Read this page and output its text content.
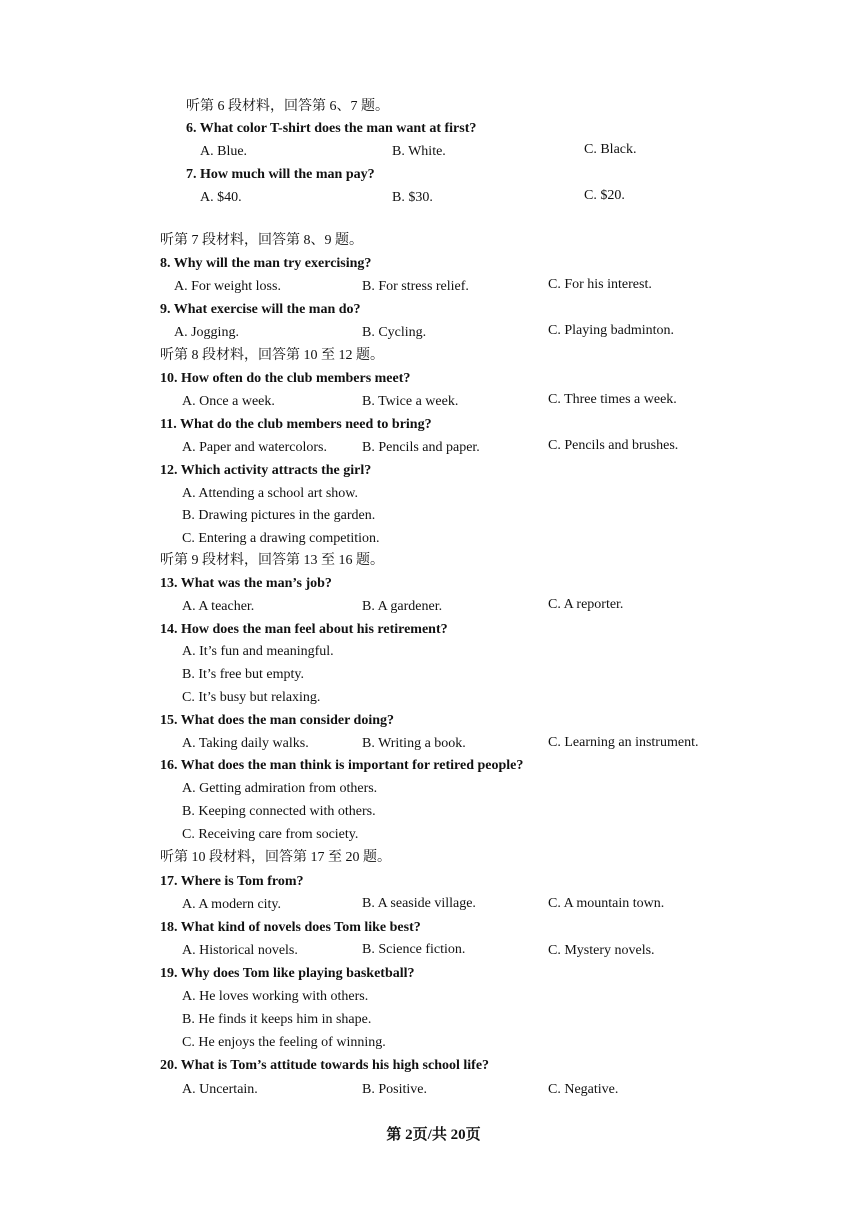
听第 6 段材料，回答第 6、7 题。
6. What color T-shirt does the man want at first?
A. Blue.	B. White.	C. Black.
7. How much will the man pay?
A. $40.	B. $30.	C. $20.
听第 7 段材料，回答第 8、9 题。
8. Why will the man try exercising?
A. For weight loss.	B. For stress relief.	C. For his interest.
9. What exercise will the man do?
A. Jogging.	B. Cycling.	C. Playing badminton.
听第 8 段材料，回答第 10 至 12 题。
10. How often do the club members meet?
A. Once a week.	B. Twice a week.	C. Three times a week.
11. What do the club members need to bring?
A. Paper and watercolors. B. Pencils and paper.	C. Pencils and brushes.
12. Which activity attracts the girl?
A. Attending a school art show.
B. Drawing pictures in the garden.
C. Entering a drawing competition.
听第 9 段材料，回答第 13 至 16 题。
13. What was the man’s job?
A. A teacher.	B. A gardener.	C. A reporter.
14. How does the man feel about his retirement?
A. It’s fun and meaningful.
B. It’s free but empty.
C. It’s busy but relaxing.
15. What does the man consider doing?
A. Taking daily walks.	B. Writing a book.	C. Learning an instrument.
16. What does the man think is important for retired people?
A. Getting admiration from others.
B. Keeping connected with others.
C. Receiving care from society.
听第 10 段材料，回答第 17 至 20 题。
17. Where is Tom from?
A. A modern city.	B. A seaside village.	C. A mountain town.
18. What kind of novels does Tom like best?
A. Historical novels.	B. Science fiction.	C. Mystery novels.
19. Why does Tom like playing basketball?
A. He loves working with others.
B. He finds it keeps him in shape.
C. He enjoys the feeling of winning.
20. What is Tom’s attitude towards his high school life?
A. Uncertain.	B. Positive.	C. Negative.
第 2页/共 20页
